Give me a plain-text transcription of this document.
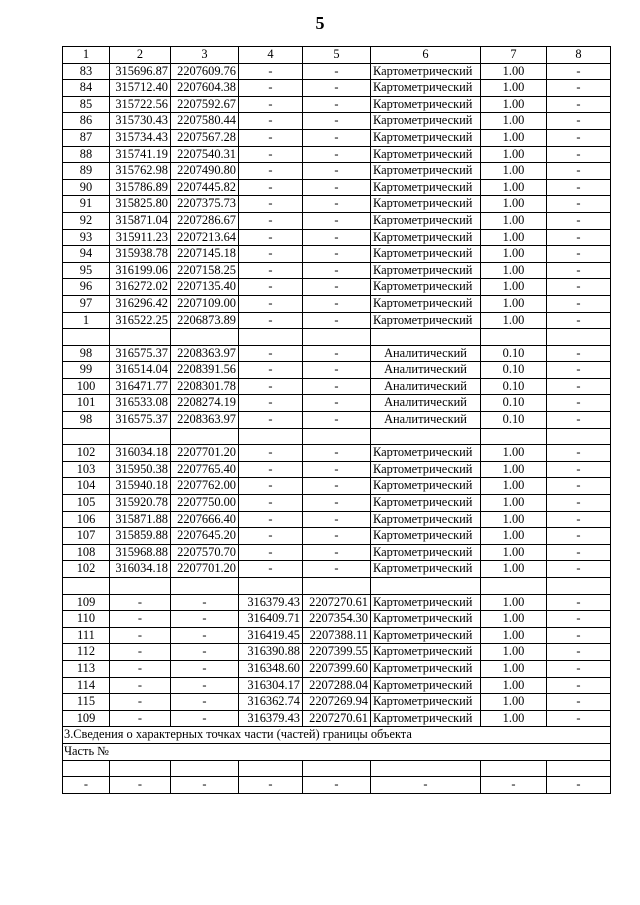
5
1	2	3	4	5	6	7	8
83	315696.87	2207609.76	-	-	Картометрический	1.00	-
84	315712.40	2207604.38	-	-	Картометрический	1.00	-
85	315722.56	2207592.67	-	-	Картометрический	1.00	-
86	315730.43	2207580.44	-	-	Картометрический	1.00	-
87	315734.43	2207567.28	-	-	Картометрический	1.00	-
88	315741.19	2207540.31	-	-	Картометрический	1.00	-
89	315762.98	2207490.80	-	-	Картометрический	1.00	-
90	315786.89	2207445.82	-	-	Картометрический	1.00	-
91	315825.80	2207375.73	-	-	Картометрический	1.00	-
92	315871.04	2207286.67	-	-	Картометрический	1.00	-
93	315911.23	2207213.64	-	-	Картометрический	1.00	-
94	315938.78	2207145.18	-	-	Картометрический	1.00	-
95	316199.06	2207158.25	-	-	Картометрический	1.00	-
96	316272.02	2207135.40	-	-	Картометрический	1.00	-
97	316296.42	2207109.00	-	-	Картометрический	1.00	-
1	316522.25	2206873.89	-	-	Картометрический	1.00	-

98	316575.37	2208363.97	-	-	Аналитический	0.10	-
99	316514.04	2208391.56	-	-	Аналитический	0.10	-
100	316471.77	2208301.78	-	-	Аналитический	0.10	-
101	316533.08	2208274.19	-	-	Аналитический	0.10	-
98	316575.37	2208363.97	-	-	Аналитический	0.10	-

102	316034.18	2207701.20	-	-	Картометрический	1.00	-
103	315950.38	2207765.40	-	-	Картометрический	1.00	-
104	315940.18	2207762.00	-	-	Картометрический	1.00	-
105	315920.78	2207750.00	-	-	Картометрический	1.00	-
106	315871.88	2207666.40	-	-	Картометрический	1.00	-
107	315859.88	2207645.20	-	-	Картометрический	1.00	-
108	315968.88	2207570.70	-	-	Картометрический	1.00	-
102	316034.18	2207701.20	-	-	Картометрический	1.00	-

109	-	-	316379.43	2207270.61	Картометрический	1.00	-
110	-	-	316409.71	2207354.30	Картометрический	1.00	-
111	-	-	316419.45	2207388.11	Картометрический	1.00	-
112	-	-	316390.88	2207399.55	Картометрический	1.00	-
113	-	-	316348.60	2207399.60	Картометрический	1.00	-
114	-	-	316304.17	2207288.04	Картометрический	1.00	-
115	-	-	316362.74	2207269.94	Картометрический	1.00	-
109	-	-	316379.43	2207270.61	Картометрический	1.00	-
3.Сведения о характерных точках части (частей) границы объекта							
Часть №							

-	-	-	-	-	-	-	-
